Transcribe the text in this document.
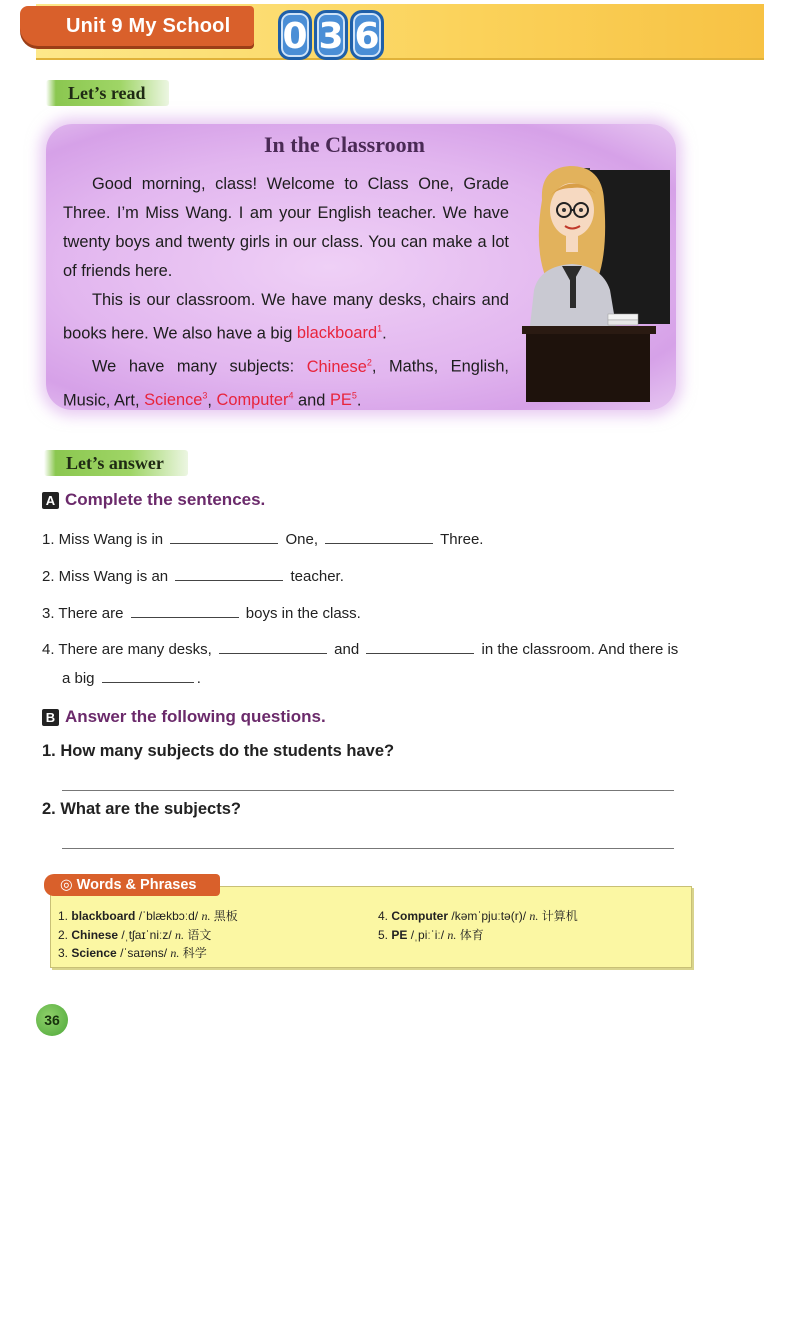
Unit 9 My School	0 3 6
Let’s read
In the Classroom

Good morning, class! Welcome to Class One, Grade Three. I’m Miss Wang. I am your English teacher. We have twenty boys and twenty girls in our class. You can make a lot of friends here.

This is our classroom. We have many desks, chairs and books here. We also have a big blackboard$^1$.

We have many subjects: Chinese$^2$, Maths, English, Music, Art, Science$^3$, Computer$^4$ and $PE^5$.

Let’s answer
A Complete the sentences.
1. Miss Wang is in	One,	Three.
2. Miss Wang is an	teacher.
3. There are	boys in the class.
4. There are many desks,	and	in the classroom. And there is
a big	.
B Answer the following questions.
1. How many subjects do the students have?
2. What are the subjects?
◎ Words & Phrases
1. blackboard /ˈblækbɔːd/ n. 黑板
2. Chinese /ˌtʃaɪˈniːz/ n. 语文
3. Science /ˈsaɪəns/ n. 科学
4. Computer /kəmˈpjuːtə(r)/ n. 计算机
5. PE /ˌpiːˈiː/ n. 体育
36
